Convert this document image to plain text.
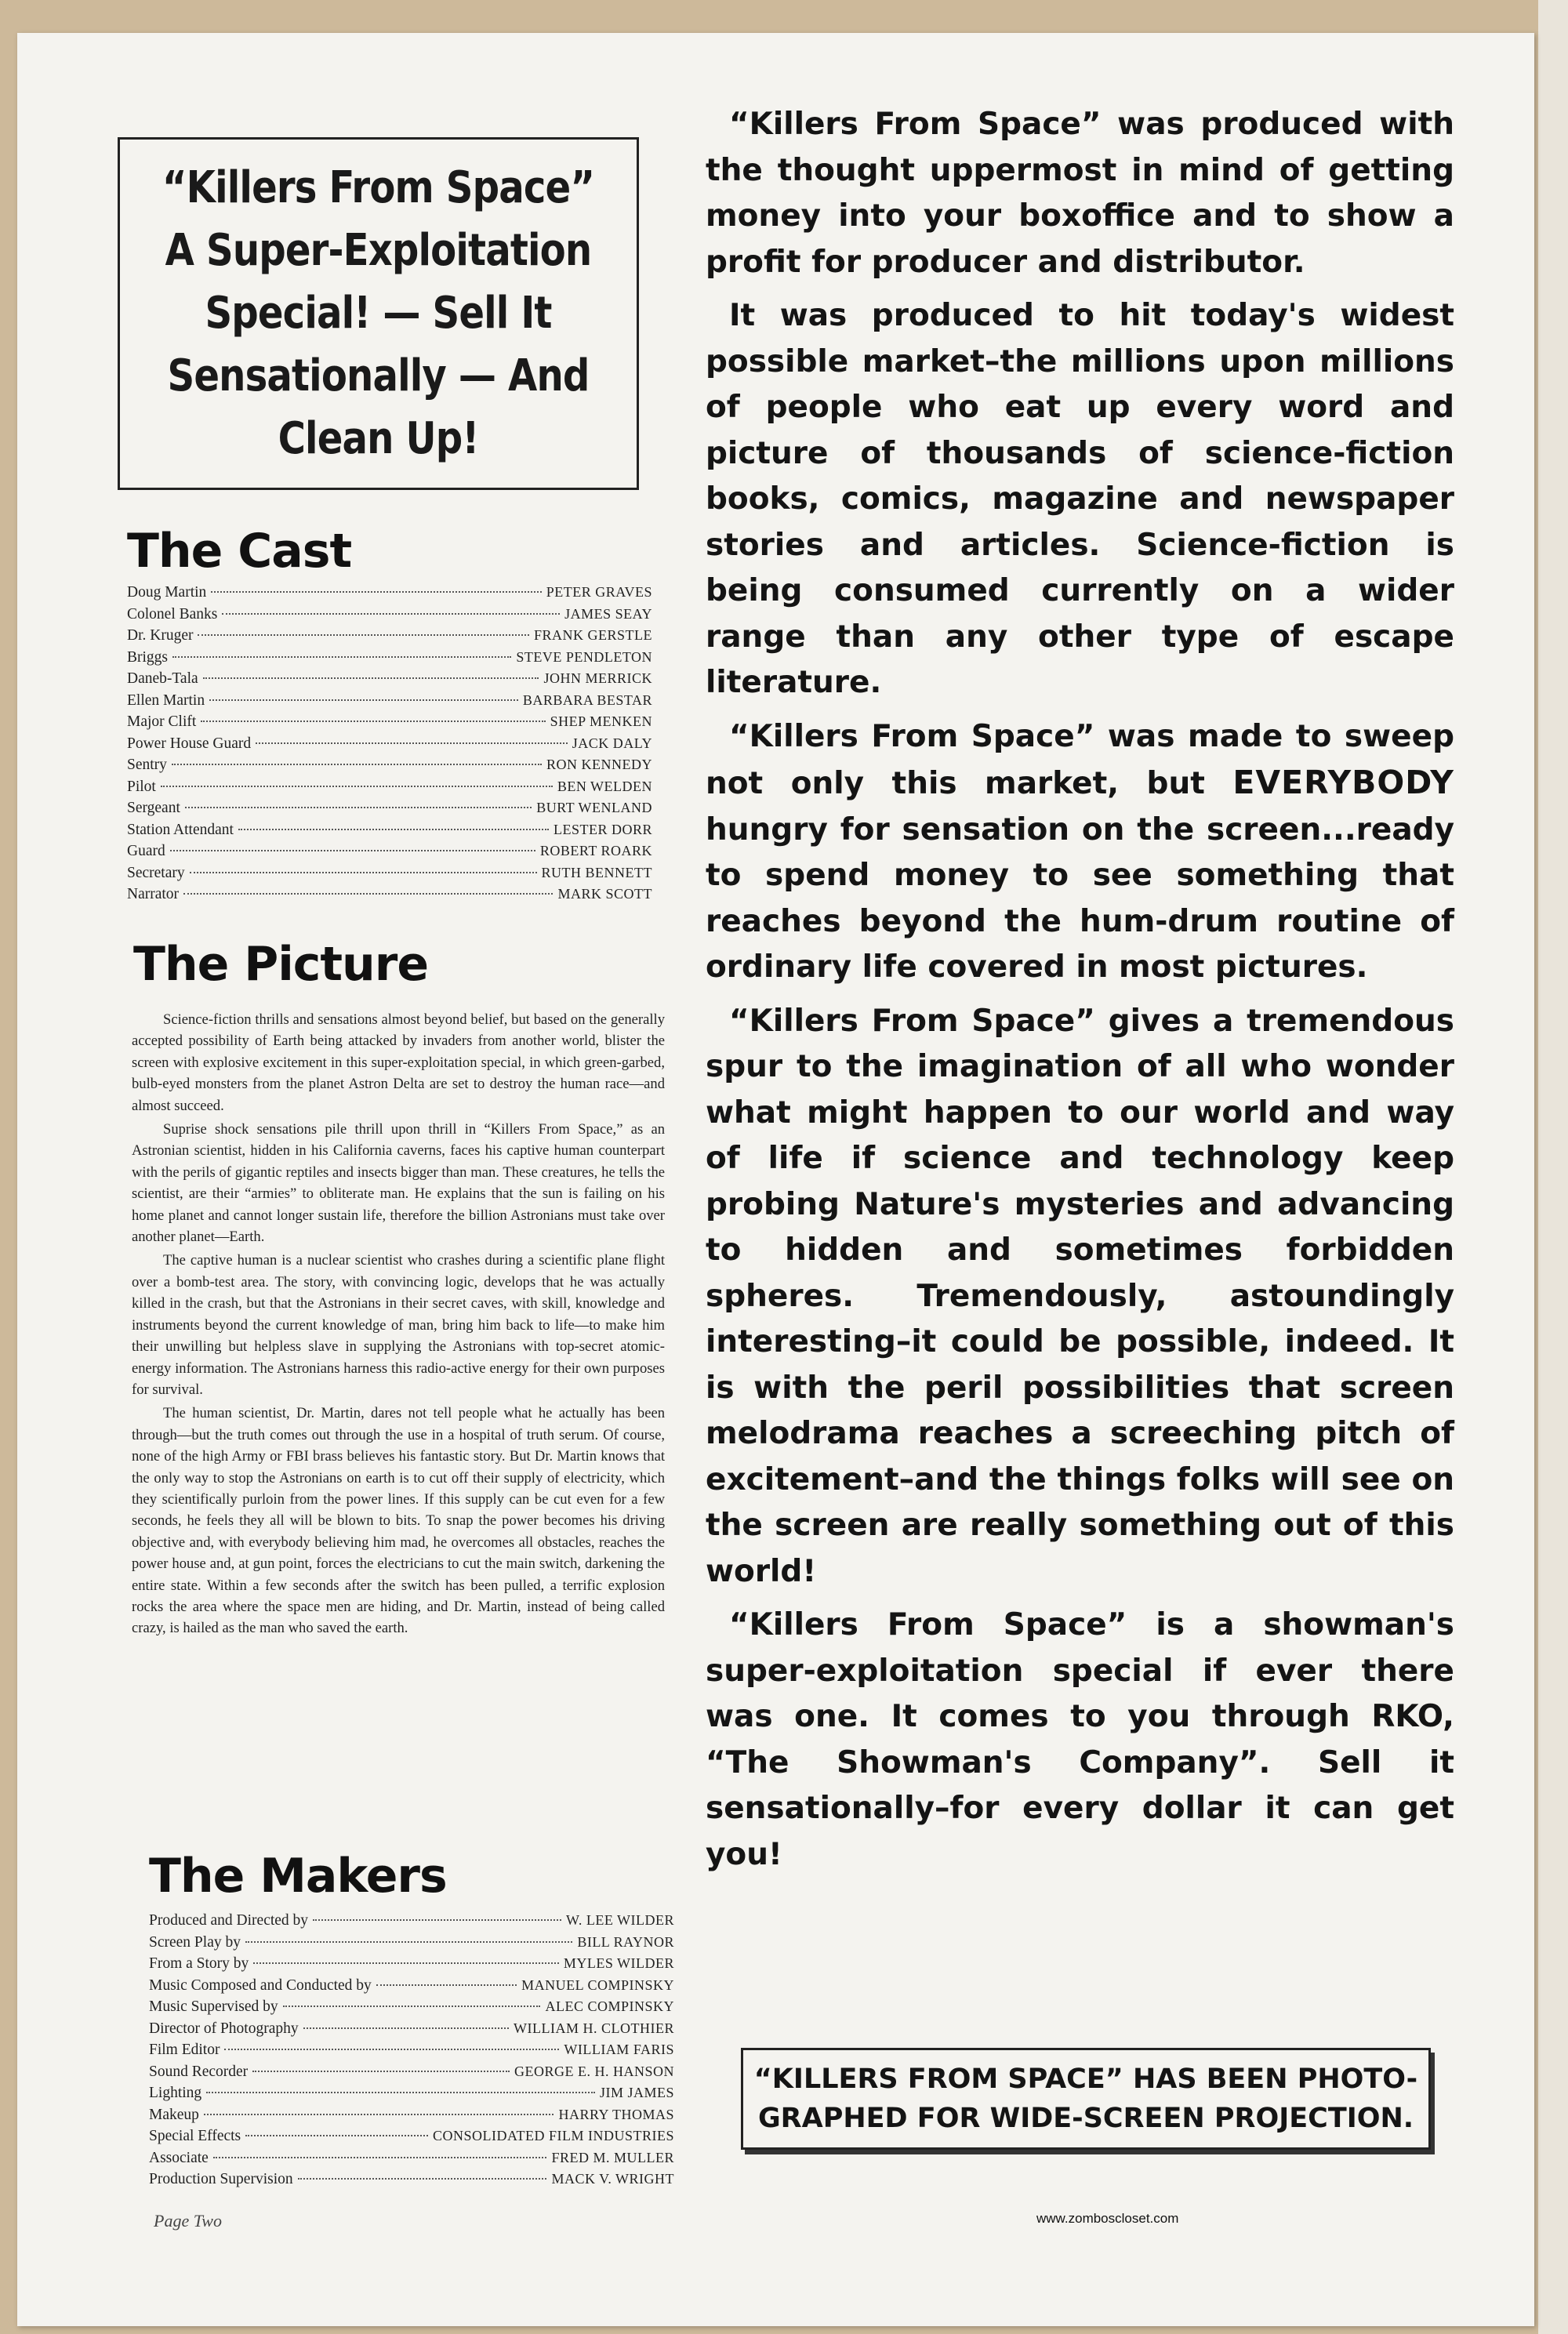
“Killers From Space”
A Super-Exploitation
Special! — Sell It
Sensationally — And
Clean Up!
The Cast
Doug Martin	PETER GRAVES
Colonel Banks	JAMES SEAY
Dr. Kruger	FRANK GERSTLE
Briggs	STEVE PENDLETON
Daneb-Tala	JOHN MERRICK
Ellen Martin	BARBARA BESTAR
Major Clift	SHEP MENKEN
Power House Guard	JACK DALY
Sentry	RON KENNEDY
Pilot	BEN WELDEN
Sergeant	BURT WENLAND
Station Attendant	LESTER DORR
Guard	ROBERT ROARK
Secretary	RUTH BENNETT
Narrator	MARK SCOTT
The Picture

Science-fiction thrills and sensations almost beyond belief, but based on the generally accepted possibility of Earth being attacked by invaders from another world, blister the screen with explosive excitement in this super-exploitation special, in which green-garbed, bulb-eyed monsters from the planet Astron Delta are set to destroy the human race—and almost succeed.

Suprise shock sensations pile thrill upon thrill in “Killers From Space,” as an Astronian scientist, hidden in his California caverns, faces his captive human counterpart with the perils of gigantic reptiles and insects bigger than man. These creatures, he tells the scientist, are their “armies” to obliterate man. He explains that the sun is failing on his home planet and cannot longer sustain life, therefore the billion Astronians must take over another planet—Earth.

The captive human is a nuclear scientist who crashes during a scientific plane flight over a bomb-test area. The story, with convincing logic, develops that he was actually killed in the crash, but that the Astronians in their secret caves, with skill, knowledge and instruments beyond the current knowledge of man, bring him back to life—to make him their unwilling but helpless slave in supplying the Astronians with top-secret atomic-energy information. The Astronians harness this radio-active energy for their own purposes for survival.

The human scientist, Dr. Martin, dares not tell people what he actually has been through—but the truth comes out through the use in a hospital of truth serum. Of course, none of the high Army or FBI brass believes his fantastic story. But Dr. Martin knows that the only way to stop the Astronians on earth is to cut off their supply of electricity, which they scientifically purloin from the power lines. If this supply can be cut even for a few seconds, he feels they all will be blown to bits. To snap the power becomes his driving objective and, with everybody believing him mad, he overcomes all obstacles, reaches the power house and, at gun point, forces the electricians to cut the main switch, darkening the entire state. Within a few seconds after the switch has been pulled, a terrific explosion rocks the area where the space men are hiding, and Dr. Martin, instead of being called crazy, is hailed as the man who saved the earth.

The Makers
Produced and Directed by	W. LEE WILDER
Screen Play by	BILL RAYNOR
From a Story by	MYLES WILDER
Music Composed and Conducted by	MANUEL COMPINSKY
Music Supervised by	ALEC COMPINSKY
Director of Photography	WILLIAM H. CLOTHIER
Film Editor	WILLIAM FARIS
Sound Recorder	GEORGE E. H. HANSON
Lighting	JIM JAMES
Makeup	HARRY THOMAS
Special Effects	CONSOLIDATED FILM INDUSTRIES
Associate	FRED M. MULLER
Production Supervision	MACK V. WRIGHT

“Killers From Space” was produced with the thought uppermost in mind of getting money into your boxoffice and to show a profit for producer and distributor.

It was produced to hit today's widest possible market–the millions upon millions of people who eat up every word and picture of thousands of science-fiction books, comics, magazine and newspaper stories and articles. Science-fiction is being consumed currently on a wider range than any other type of escape literature.

“Killers From Space” was made to sweep not only this market, but EVERYBODY hungry for sensation on the screen...ready to spend money to see something that reaches beyond the hum-drum routine of ordinary life covered in most pictures.

“Killers From Space” gives a tremendous spur to the imagination of all who wonder what might happen to our world and way of life if science and technology keep probing Nature's mysteries and advancing to hidden and sometimes forbidden spheres. Tremendously, astoundingly interesting–it could be possible, indeed. It is with the peril possibilities that screen melodrama reaches a screeching pitch of excitement–and the things folks will see on the screen are really something out of this world!

“Killers From Space” is a showman's super-exploitation special if ever there was one. It comes to you through RKO, “The Showman's Company”. Sell it sensationally–for every dollar it can get you!

“KILLERS FROM SPACE” HAS BEEN PHOTO-
GRAPHED FOR WIDE-SCREEN PROJECTION.
Page Two	www.zomboscloset.com
